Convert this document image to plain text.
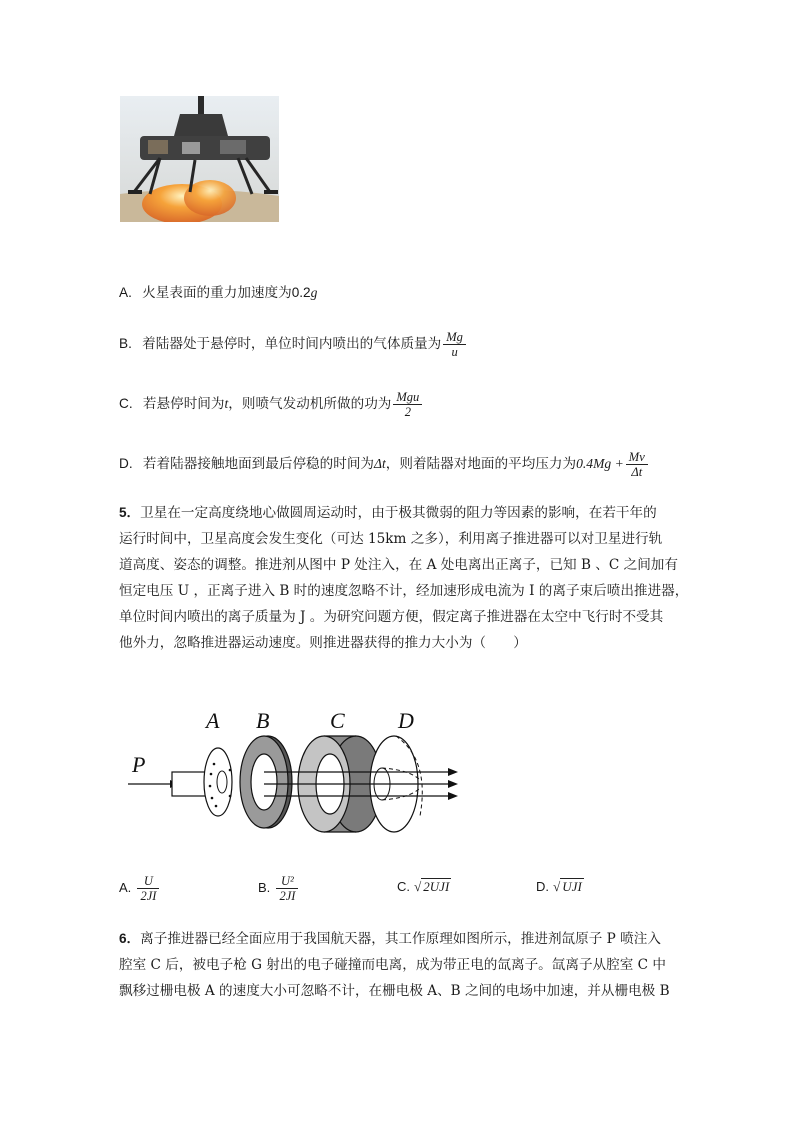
A. 火星表面的重力加速度为0.2g
B. 着陆器处于悬停时，单位时间内喷出的气体质量为 $\frac{Mg}{u}$
C. 若悬停时间为t，则喷气发动机所做的功为 $\frac{\text{Mgu}}{2}$
D. 若着陆器接触地面到最后停稳的时间为Δt，则着陆器对地面的平均压力为$0.4Mg + \frac{Mv}{\Delta t}$
5．卫星在一定高度绕地心做圆周运动时，由于极其微弱的阻力等因素的影响，在若干年的
运行时间中，卫星高度会发生变化（可达 15km 之多），利用离子推进器可以对卫星进行轨
道高度、姿态的调整。推进剂从图中 P 处注入，在 A 处电离出正离子，已知 B 、C 之间加有
恒定电压 U ，正离子进入 B 时的速度忽略不计，经加速形成电流为 I 的离子束后喷出推进器，
单位时间内喷出的离子质量为 J 。为研究问题方便，假定离子推进器在太空中飞行时不受其
他外力，忽略推进器运动速度。则推进器获得的推力大小为（　　）
P
A B	C D
A. $\frac{U}{2JI}$	B. $\frac{\text{U²}}{2JI}$	C. √ 2UJI	D. √ UJI
6．离子推进器已经全面应用于我国航天器，其工作原理如图所示，推进剂氙原子 P 喷注入
腔室 C 后，被电子枪 G 射出的电子碰撞而电离，成为带正电的氙离子。氙离子从腔室 C 中
飘移过栅电极 A 的速度大小可忽略不计，在栅电极 A、B 之间的电场中加速，并从栅电极 B
